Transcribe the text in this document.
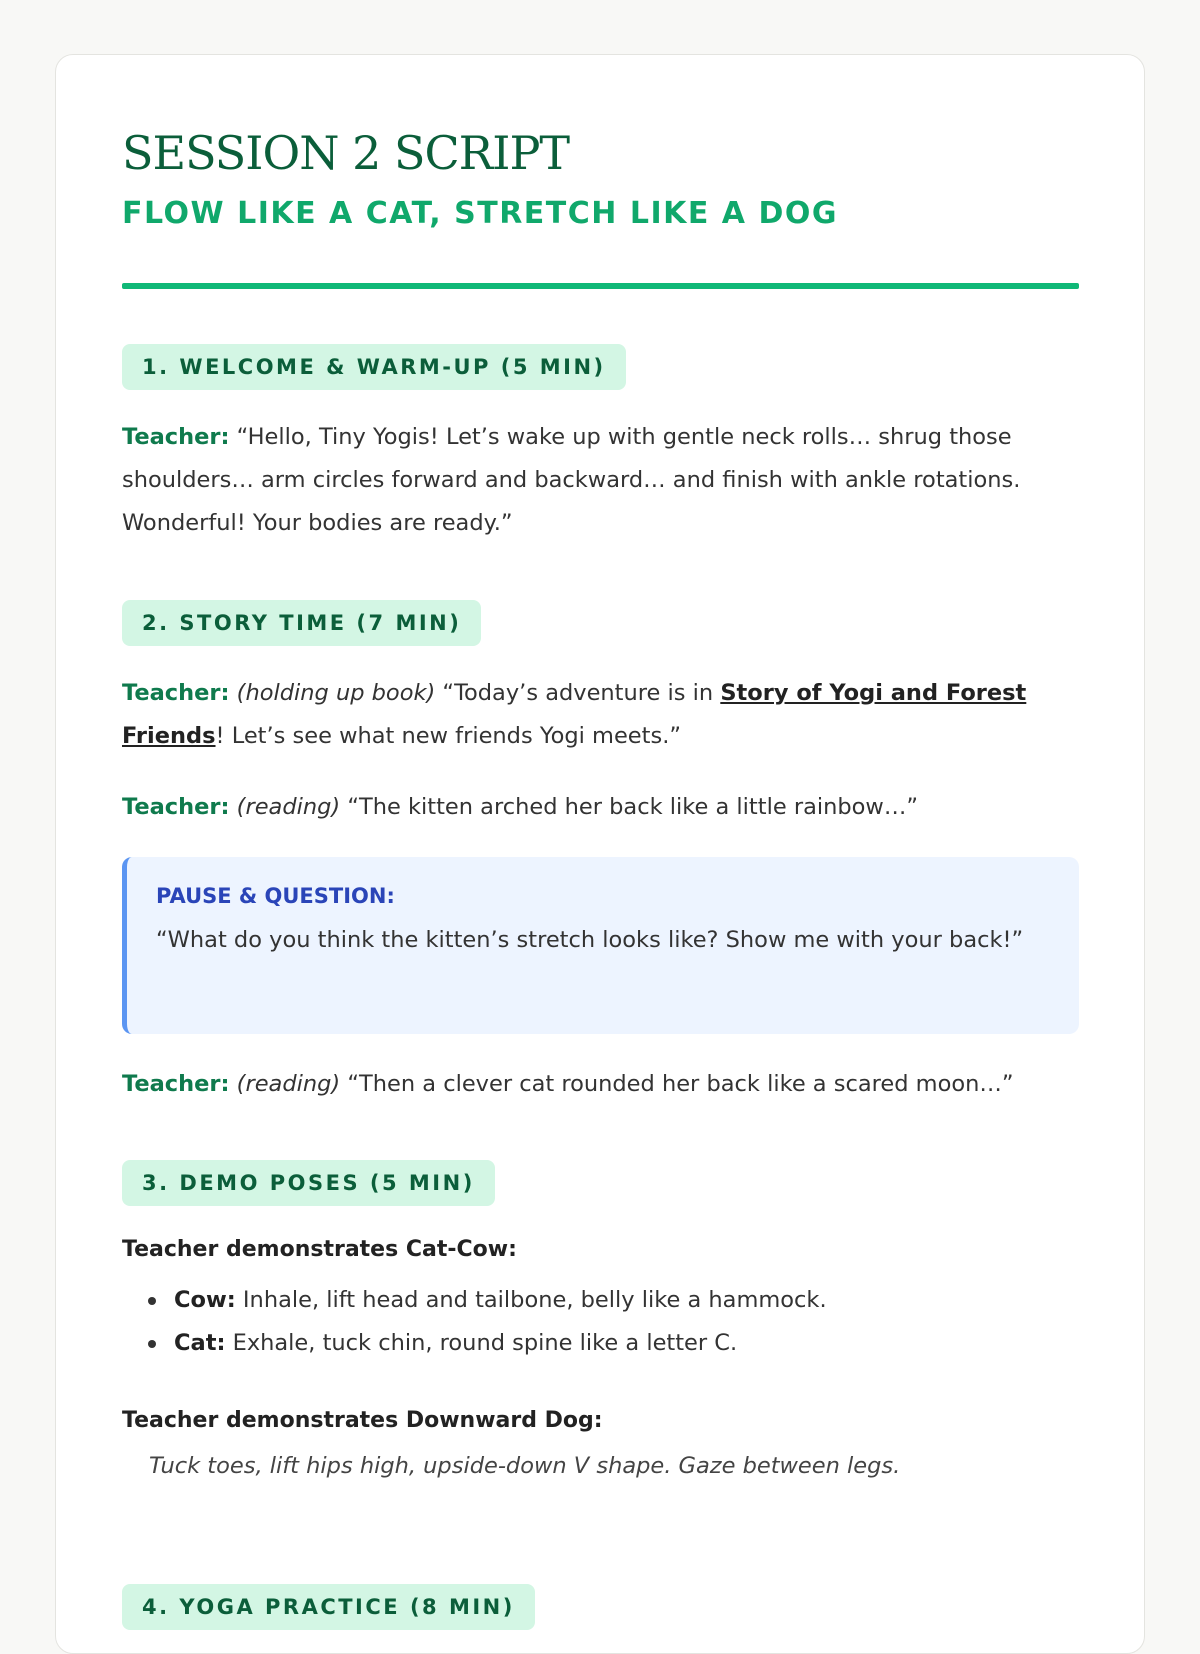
SESSION 2 SCRIPT
FLOW LIKE A CAT, STRETCH LIKE A DOG
1. WELCOME & WARM-UP (5 MIN)
Teacher: “Hello, Tiny Yogis! Let’s wake up with gentle neck rolls… shrug those shoulders… arm circles forward and backward… and finish with ankle rotations. Wonderful! Your bodies are ready.”
2. STORY TIME (7 MIN)
Teacher: (holding up book) “Today’s adventure is in Story of Yogi and Forest Friends! Let’s see what new friends Yogi meets.”
Teacher: (reading) “The kitten arched her back like a little rainbow…”
PAUSE & QUESTION:
“What do you think the kitten’s stretch looks like? Show me with your back!”
Teacher: (reading) “Then a clever cat rounded her back like a scared moon…”
3. DEMO POSES (5 MIN)
Teacher demonstrates Cat-Cow:
Cow: Inhale, lift head and tailbone, belly like a hammock.
Cat: Exhale, tuck chin, round spine like a letter C.
Teacher demonstrates Downward Dog:
Tuck toes, lift hips high, upside-down V shape. Gaze between legs.
4. YOGA PRACTICE (8 MIN)
